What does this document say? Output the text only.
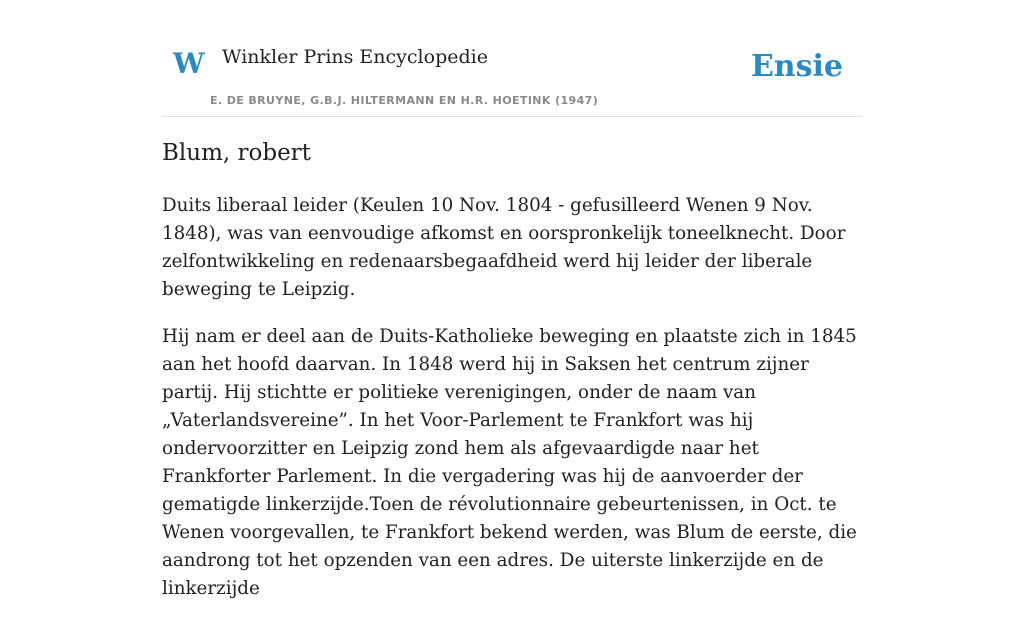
W Winkler Prins Encyclopedie
E. DE BRUYNE, G.B.J. HILTERMANN EN H.R. HOETINK (1947)
Ensie
Blum, robert

Duits liberaal leider (Keulen 10 Nov. 1804 - gefusilleerd Wenen 9 Nov. 1848), was van eenvoudige afkomst en oorspronkelijk toneelknecht. Door zelfontwikkeling en redenaarsbegaafdheid werd hij leider der liberale beweging te Leipzig.

Hij nam er deel aan de Duits-Katholieke beweging en plaatste zich in 1845 aan het hoofd daarvan. In 1848 werd hij in Saksen het centrum zijner partij. Hij stichtte er politieke verenigingen, onder de naam van „Vaterlandsvereine”. In het Voor-Parlement te Frankfort was hij ondervoorzitter en Leipzig zond hem als afgevaardigde naar het Frankforter Parlement. In die vergadering was hij de aanvoerder der gematigde linkerzijde.Toen de révolutionnaire gebeurtenissen, in Oct. te Wenen voorgevallen, te Frankfort bekend werden, was Blum de eerste, die aandrong tot het opzenden van een adres. De uiterste linkerzijde en de linkerzijde
